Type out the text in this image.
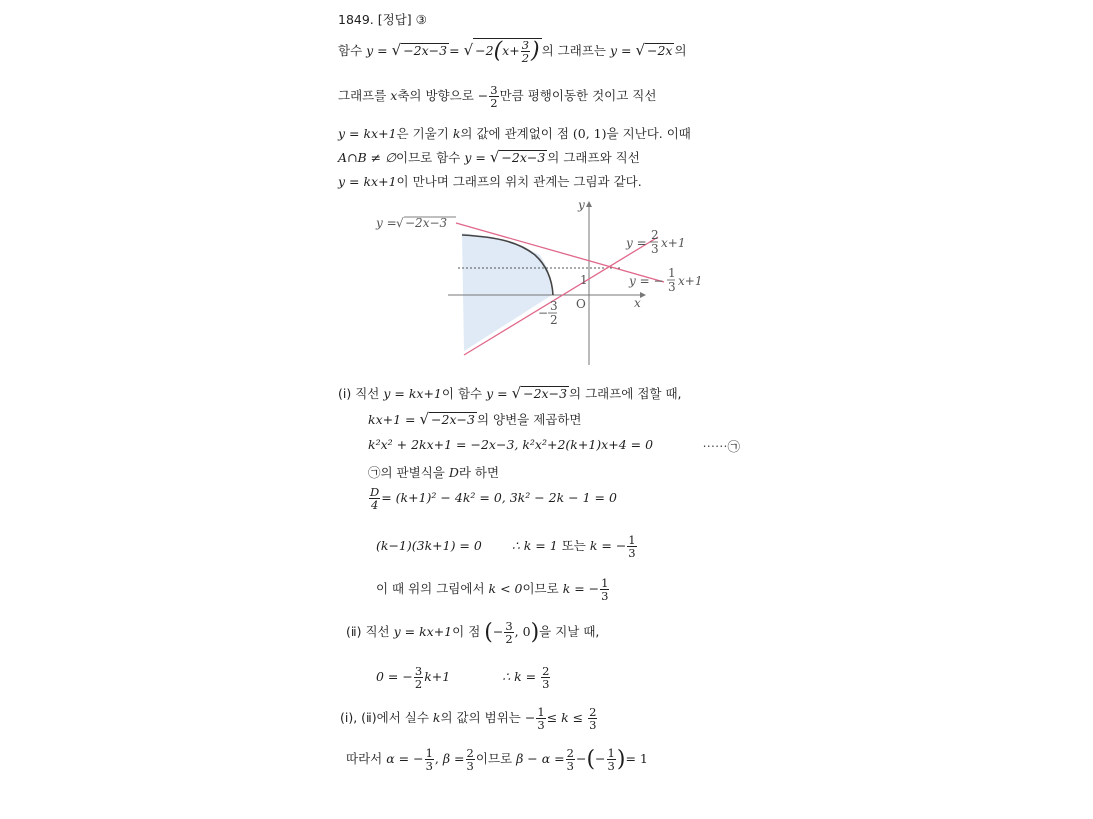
1849. [정답] ③
함수 y = √ −2x−3 = √ $-2(x+ \frac{3}{2}$ ) 의 그래프는 y = √ −2x 의
그래프를 x축의 방향으로 − $\frac{3}{2}$ 만큼 평행이동한 것이고 직선
y = kx+1은 기울기 k의 값에 관계없이 점 (0, 1)을 지난다. 이때
A∩B ≠ ∅이므로 함수 y = √ −2x−3 의 그래프와 직선
y = kx+1이 만나며 그래프의 위치 관계는 그림과 같다.
y
x
O
1
y = √ −2x−3
y =
2
3 x+1
y = −
1
3 x+1
− 3
2
(ⅰ) 직선 y = kx+1이 함수 y = √ −2x−3 의 그래프에 접할 때,
kx+1 = √ −2x−3 의 양변을 제곱하면
k²x² + 2kx+1 = −2x−3, k²x²+2(k+1)x+4 = 0	⋯⋯㉠
㉠의 판별식을 D라 하면
$\frac{D}{4} = (k+1)^2 - 4k^2 = 0$, 3k² − 2k − 1 = 0
(k−1)(3k+1) = 0 ∴ k = 1 또는 k = − $\frac{1}{3}$
이 때 위의 그림에서 k < 0이므로 k = − $\frac{1}{3}$
(ⅱ) 직선 y = kx+1이 점 (− $\frac{3}{2}$ , 0)을 지날 때,
0 = − $\frac{3}{2} k+1$	∴ $k = \frac{2}{3}$
(ⅰ), (ⅱ)에서 실수 k의 값의 범위는 − $\frac{1}{3} \le k \le \frac{2}{3}$
따라서 α = − $\frac{1}{3}$ , $\beta = \frac{2}{3}$ 이므로 $\beta - \alpha = \frac{2}{3}$ −(− $\frac{1}{3}$ )= 1
